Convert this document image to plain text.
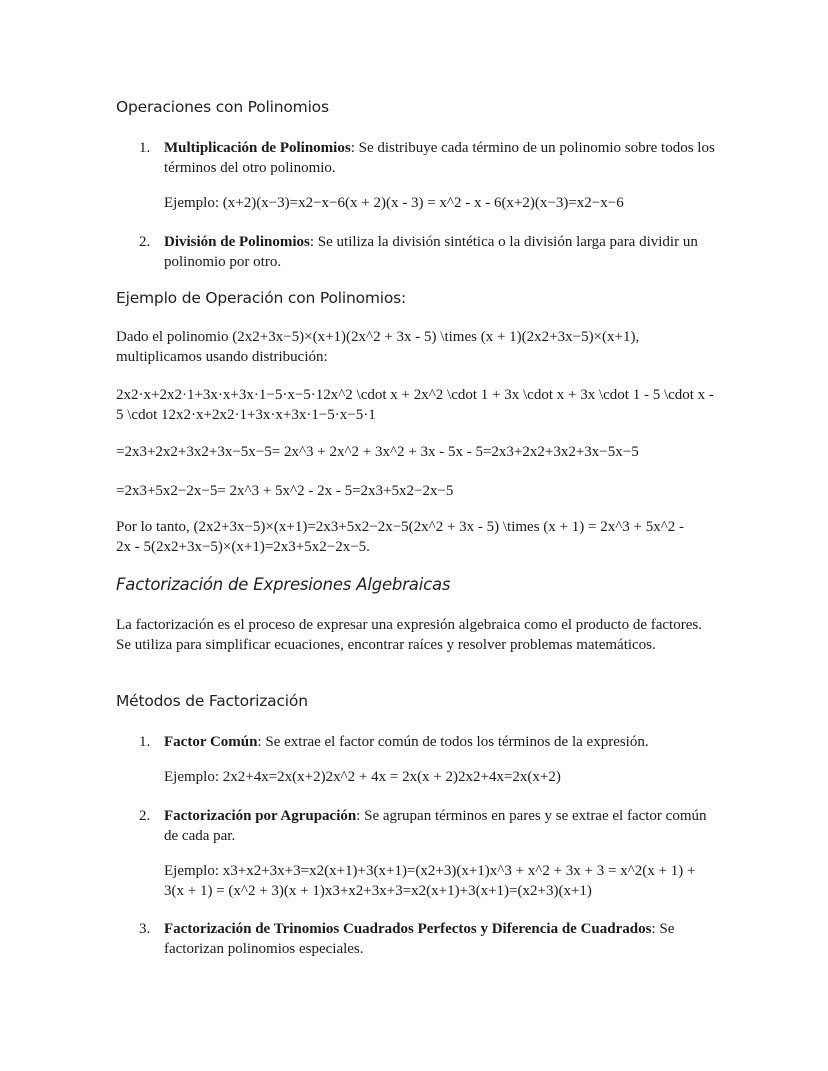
Operaciones con Polinomios
1. Multiplicación de Polinomios: Se distribuye cada término de un polinomio sobre todos los términos del otro polinomio.
Ejemplo: (x+2)(x−3)=x2−x−6(x + 2)(x - 3) = x^2 - x - 6(x+2)(x−3)=x2−x−6
2. División de Polinomios: Se utiliza la división sintética o la división larga para dividir un polinomio por otro.
Ejemplo de Operación con Polinomios:
Dado el polinomio (2x2+3x−5)×(x+1)(2x^2 + 3x - 5) \times (x + 1)(2x2+3x−5)×(x+1), multiplicamos usando distribución:
2x2·x+2x2·1+3x·x+3x·1−5·x−5·12x^2 \cdot x + 2x^2 \cdot 1 + 3x \cdot x + 3x \cdot 1 - 5 \cdot x - 5 \cdot 12x2·x+2x2·1+3x·x+3x·1−5·x−5·1
=2x3+2x2+3x2+3x−5x−5= 2x^3 + 2x^2 + 3x^2 + 3x - 5x - 5=2x3+2x2+3x2+3x−5x−5
=2x3+5x2−2x−5= 2x^3 + 5x^2 - 2x - 5=2x3+5x2−2x−5
Por lo tanto, (2x2+3x−5)×(x+1)=2x3+5x2−2x−5(2x^2 + 3x - 5) \times (x + 1) = 2x^3 + 5x^2 - 2x - 5(2x2+3x−5)×(x+1)=2x3+5x2−2x−5.
Factorización de Expresiones Algebraicas
La factorización es el proceso de expresar una expresión algebraica como el producto de factores. Se utiliza para simplificar ecuaciones, encontrar raíces y resolver problemas matemáticos.
Métodos de Factorización
1. Factor Común: Se extrae el factor común de todos los términos de la expresión.
Ejemplo: 2x2+4x=2x(x+2)2x^2 + 4x = 2x(x + 2)2x2+4x=2x(x+2)
2. Factorización por Agrupación: Se agrupan términos en pares y se extrae el factor común de cada par.
Ejemplo: x3+x2+3x+3=x2(x+1)+3(x+1)=(x2+3)(x+1)x^3 + x^2 + 3x + 3 = x^2(x + 1) + 3(x + 1) = (x^2 + 3)(x + 1)x3+x2+3x+3=x2(x+1)+3(x+1)=(x2+3)(x+1)
3. Factorización de Trinomios Cuadrados Perfectos y Diferencia de Cuadrados: Se factorizan polinomios especiales.
